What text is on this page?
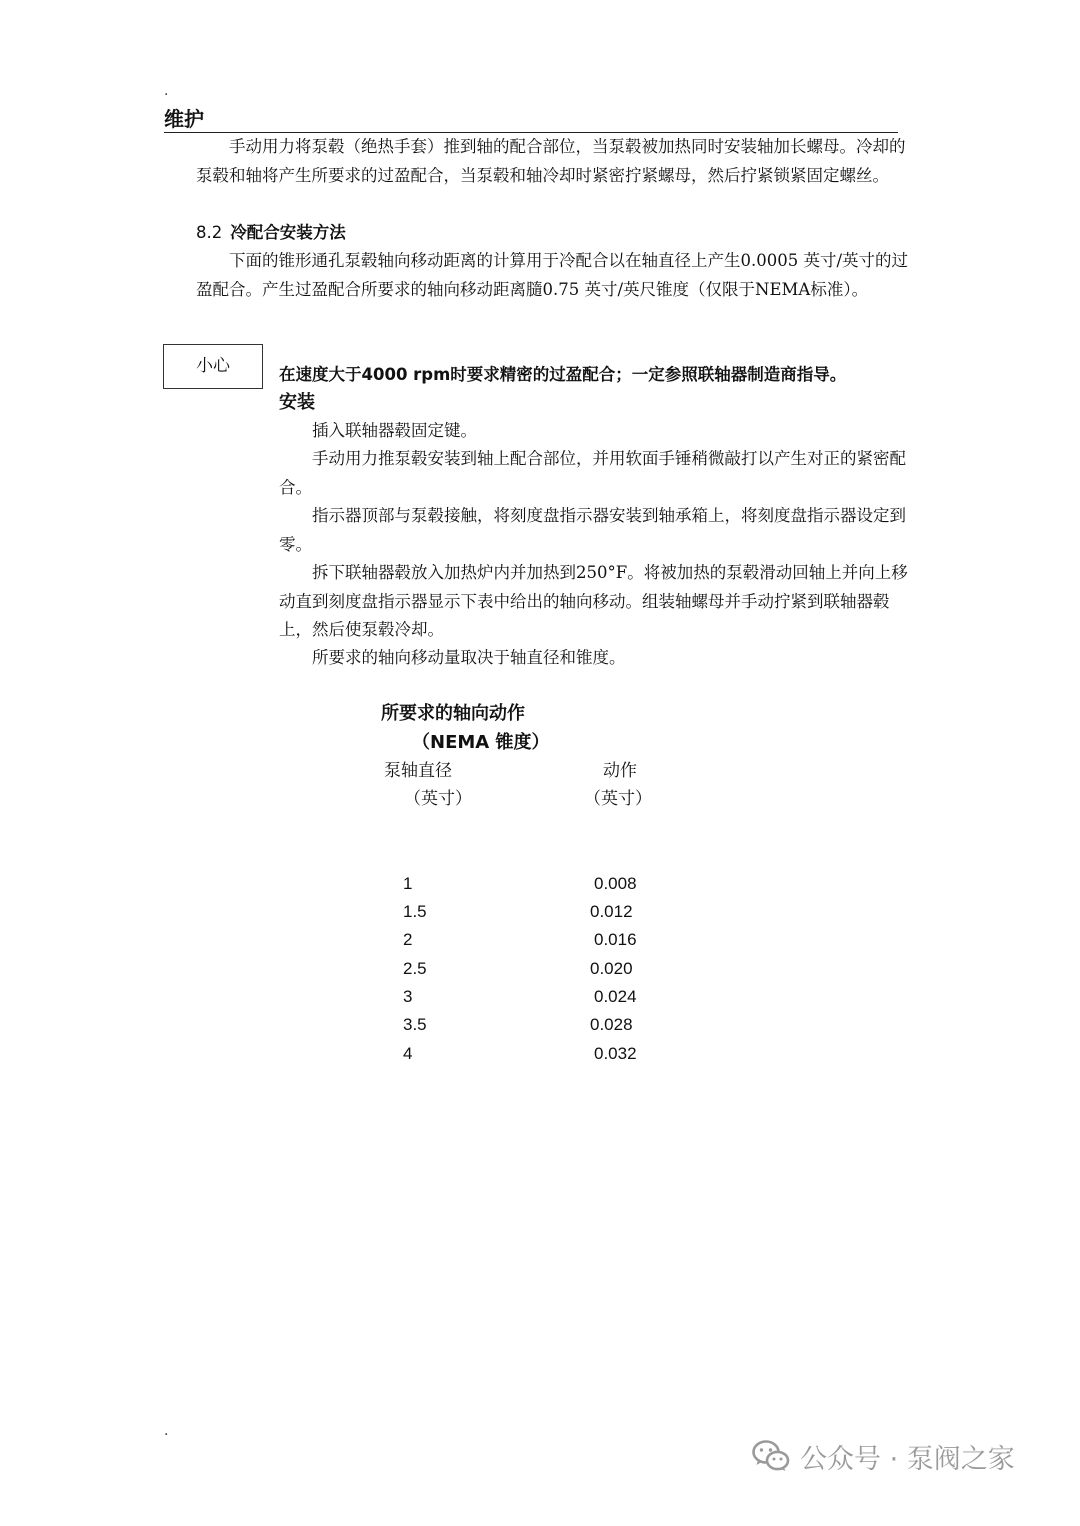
.
维护

手动用力将泵毂（绝热手套）推到轴的配合部位，当泵毂被加热同时安装轴加长螺母。冷却的泵毂和轴将产生所要求的过盈配合，当泵毂和轴冷却时紧密拧紧螺母，然后拧紧锁紧固定螺丝。

8.2 冷配合安装方法

下面的锥形通孔泵毂轴向移动距离的计算用于冷配合以在轴直径上产生0.0005 英寸/英寸的过盈配合。产生过盈配合所要求的轴向移动距离膸0.75 英寸/英尺锥度（仅限于NEMA标准）。

小心	在速度大于4000 rpm时要求精密的过盈配合；一定参照联轴器制造商指导。
安装

插入联轴器毂固定键。

手动用力推泵毂安装到轴上配合部位，并用软面手锤稍微敲打以产生对正的紧密配合。

指示器顶部与泵毂接触，将刻度盘指示器安装到轴承箱上，将刻度盘指示器设定到零。

拆下联轴器毂放入加热炉内并加热到250°F。将被加热的泵毂滑动回轴上并向上移动直到刻度盘指示器显示下表中给出的轴向移动。组装轴螺母并手动拧紧到联轴器毂上，然后使泵毂冷却。

所要求的轴向移动量取决于轴直径和锥度。

所要求的轴向动作
（NEMA 锥度）
泵轴直径	动作
（英寸）	（英寸）
1	0.008
1.5	0.012
2	0.016
2.5	0.020
3	0.024
3.5	0.028
4	0.032
.
公众号 · 泵阀之家
